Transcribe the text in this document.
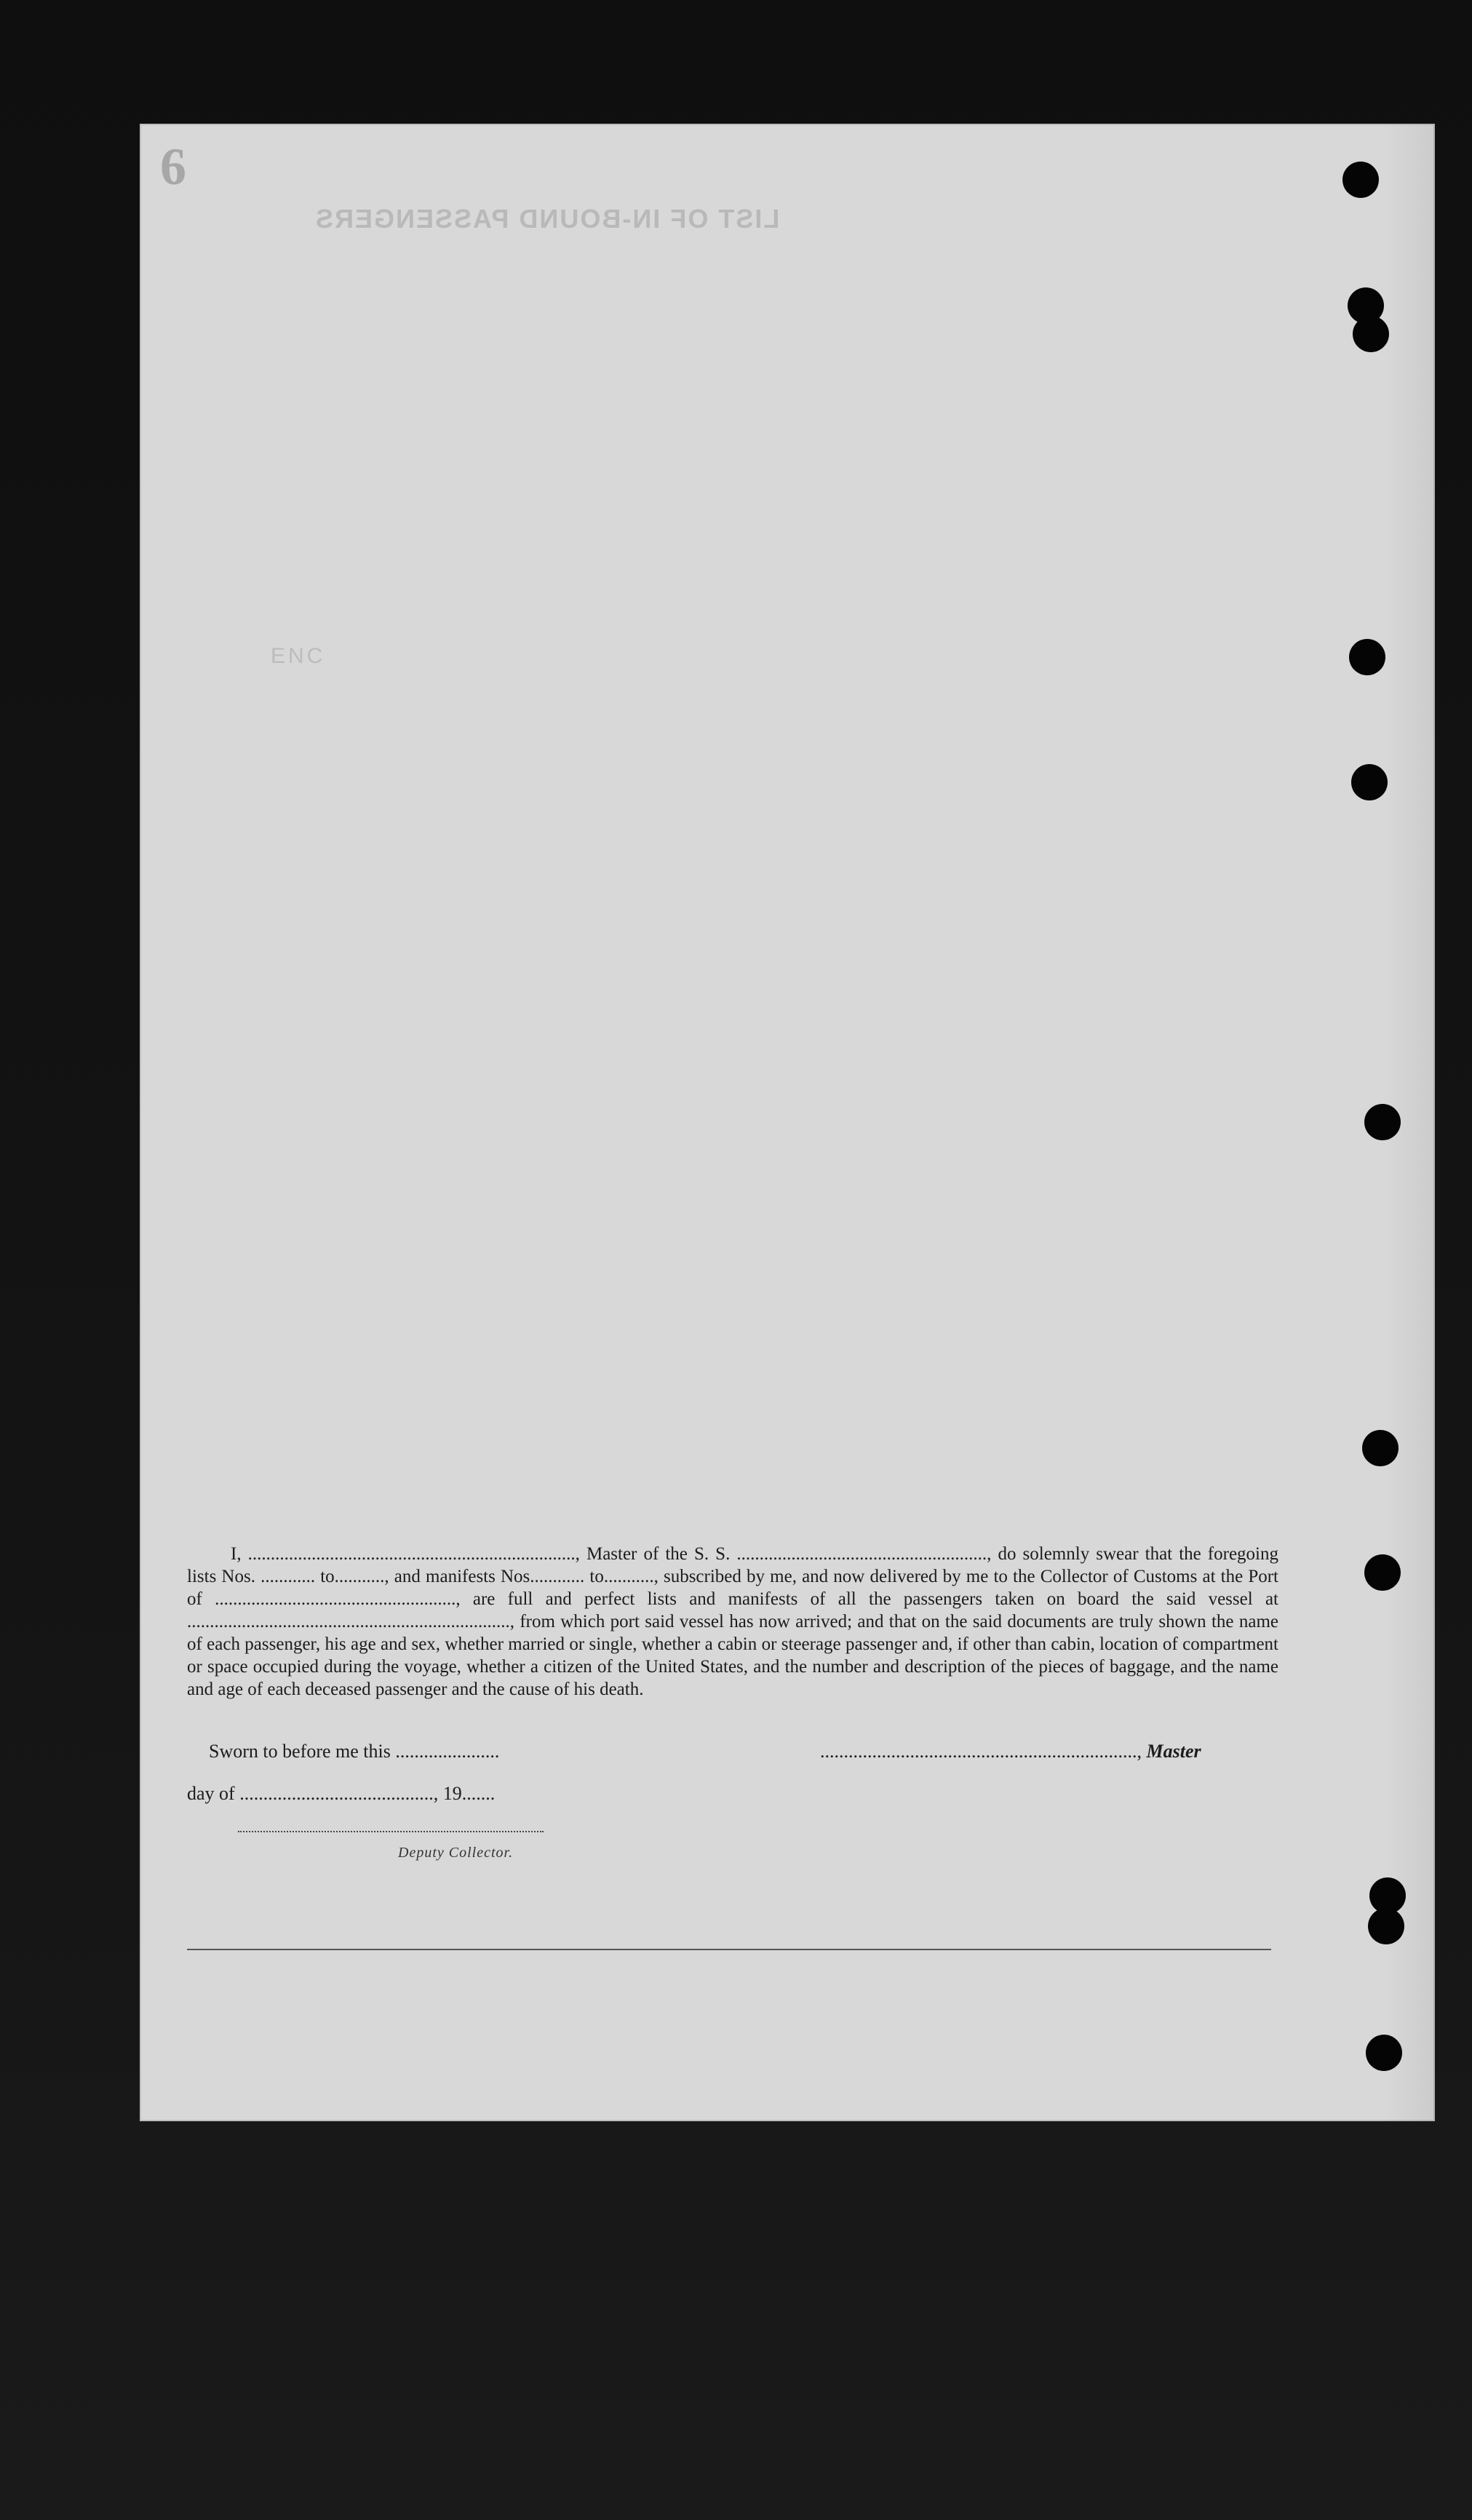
6
LIST OF IN-BOUND PASSENGERS
ENC

I, ........................................................................, Master of the S. S. ......................................................., do solemnly swear that the foregoing lists Nos. ............ to..........., and manifests Nos............ to..........., subscribed by me, and now delivered by me to the Collector of Customs at the Port of ....................................................., are full and perfect lists and manifests of all the passengers taken on board the said vessel at ......................................................................., from which port said vessel has now arrived; and that on the said documents are truly shown the name of each passenger, his age and sex, whether married or single, whether a cabin or steerage passenger and, if other than cabin, location of compartment or space occupied during the voyage, whether a citizen of the United States, and the number and description of the pieces of baggage, and the name and age of each deceased passenger and the cause of his death.

Sworn to before me this ......................	..................................................................., Master
day of ........................................., 19.......
Deputy Collector.
